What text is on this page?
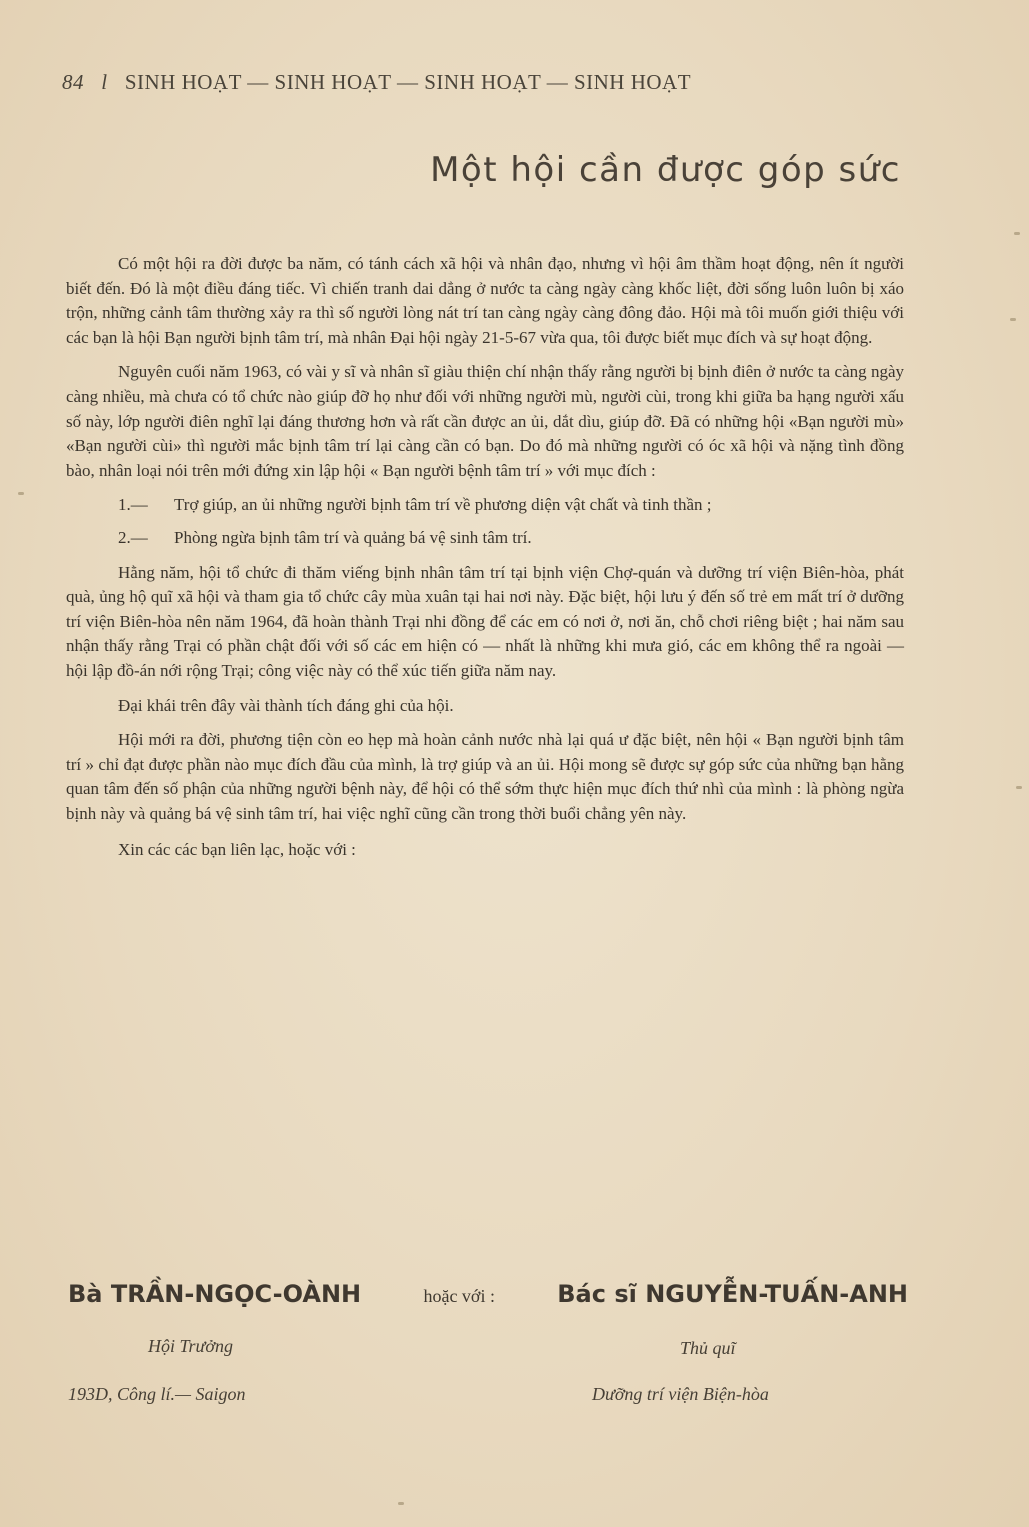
84 l SINH HOẠT — SINH HOẠT — SINH HOẠT — SINH HOẠT
Một hội cần được góp sức

Có một hội ra đời được ba năm, có tánh cách xã hội và nhân đạo, nhưng vì hội âm thầm hoạt động, nên ít người biết đến. Đó là một điều đáng tiếc. Vì chiến tranh dai dẳng ở nước ta càng ngày càng khốc liệt, đời sống luôn luôn bị xáo trộn, những cảnh tâm thường xảy ra thì số người lòng nát trí tan càng ngày càng đông đảo. Hội mà tôi muốn giới thiệu với các bạn là hội Bạn người bịnh tâm trí, mà nhân Đại hội ngày 21-5-67 vừa qua, tôi được biết mục đích và sự hoạt động.

Nguyên cuối năm 1963, có vài y sĩ và nhân sĩ giàu thiện chí nhận thấy rằng người bị bịnh điên ở nước ta càng ngày càng nhiều, mà chưa có tổ chức nào giúp đỡ họ như đối với những người mù, người cùi, trong khi giữa ba hạng người xấu số này, lớp người điên nghĩ lại đáng thương hơn và rất cần được an ủi, dắt dìu, giúp đỡ. Đã có những hội «Bạn người mù» «Bạn người cùi» thì người mắc bịnh tâm trí lại càng cần có bạn. Do đó mà những người có óc xã hội và nặng tình đồng bào, nhân loại nói trên mới đứng xin lập hội « Bạn người bệnh tâm trí » với mục đích :

1.—	Trợ giúp, an ủi những người bịnh tâm trí về phương diện vật chất và tinh thần ;
2.—	Phòng ngừa bịnh tâm trí và quảng bá vệ sinh tâm trí.

Hằng năm, hội tổ chức đi thăm viếng bịnh nhân tâm trí tại bịnh viện Chợ-quán và dưỡng trí viện Biên-hòa, phát quà, ủng hộ quĩ xã hội và tham gia tổ chức cây mùa xuân tại hai nơi này. Đặc biệt, hội lưu ý đến số trẻ em mất trí ở dưỡng trí viện Biên-hòa nên năm 1964, đã hoàn thành Trại nhi đồng để các em có nơi ở, nơi ăn, chỗ chơi riêng biệt ; hai năm sau nhận thấy rằng Trại có phần chật đối với số các em hiện có — nhất là những khi mưa gió, các em không thể ra ngoài — hội lập đồ-án nới rộng Trại; công việc này có thể xúc tiến giữa năm nay.

Đại khái trên đây vài thành tích đáng ghi của hội.

Hội mới ra đời, phương tiện còn eo hẹp mà hoàn cảnh nước nhà lại quá ư đặc biệt, nên hội « Bạn người bịnh tâm trí » chỉ đạt được phần nào mục đích đầu của mình, là trợ giúp và an ủi. Hội mong sẽ được sự góp sức của những bạn hằng quan tâm đến số phận của những người bệnh này, để hội có thể sớm thực hiện mục đích thứ nhì của mình : là phòng ngừa bịnh này và quảng bá vệ sinh tâm trí, hai việc nghĩ cũng cần trong thời buổi chẳng yên này.

Xin các các bạn liên lạc, hoặc với :

Bà TRẦN-NGỌC-OÀNH	hoặc với :	Bác sĩ NGUYỄN-TUẤN-ANH
Hội Trưởng	Thủ quĩ
193D, Công lí.— Saigon	Dưỡng trí viện Biện-hòa
